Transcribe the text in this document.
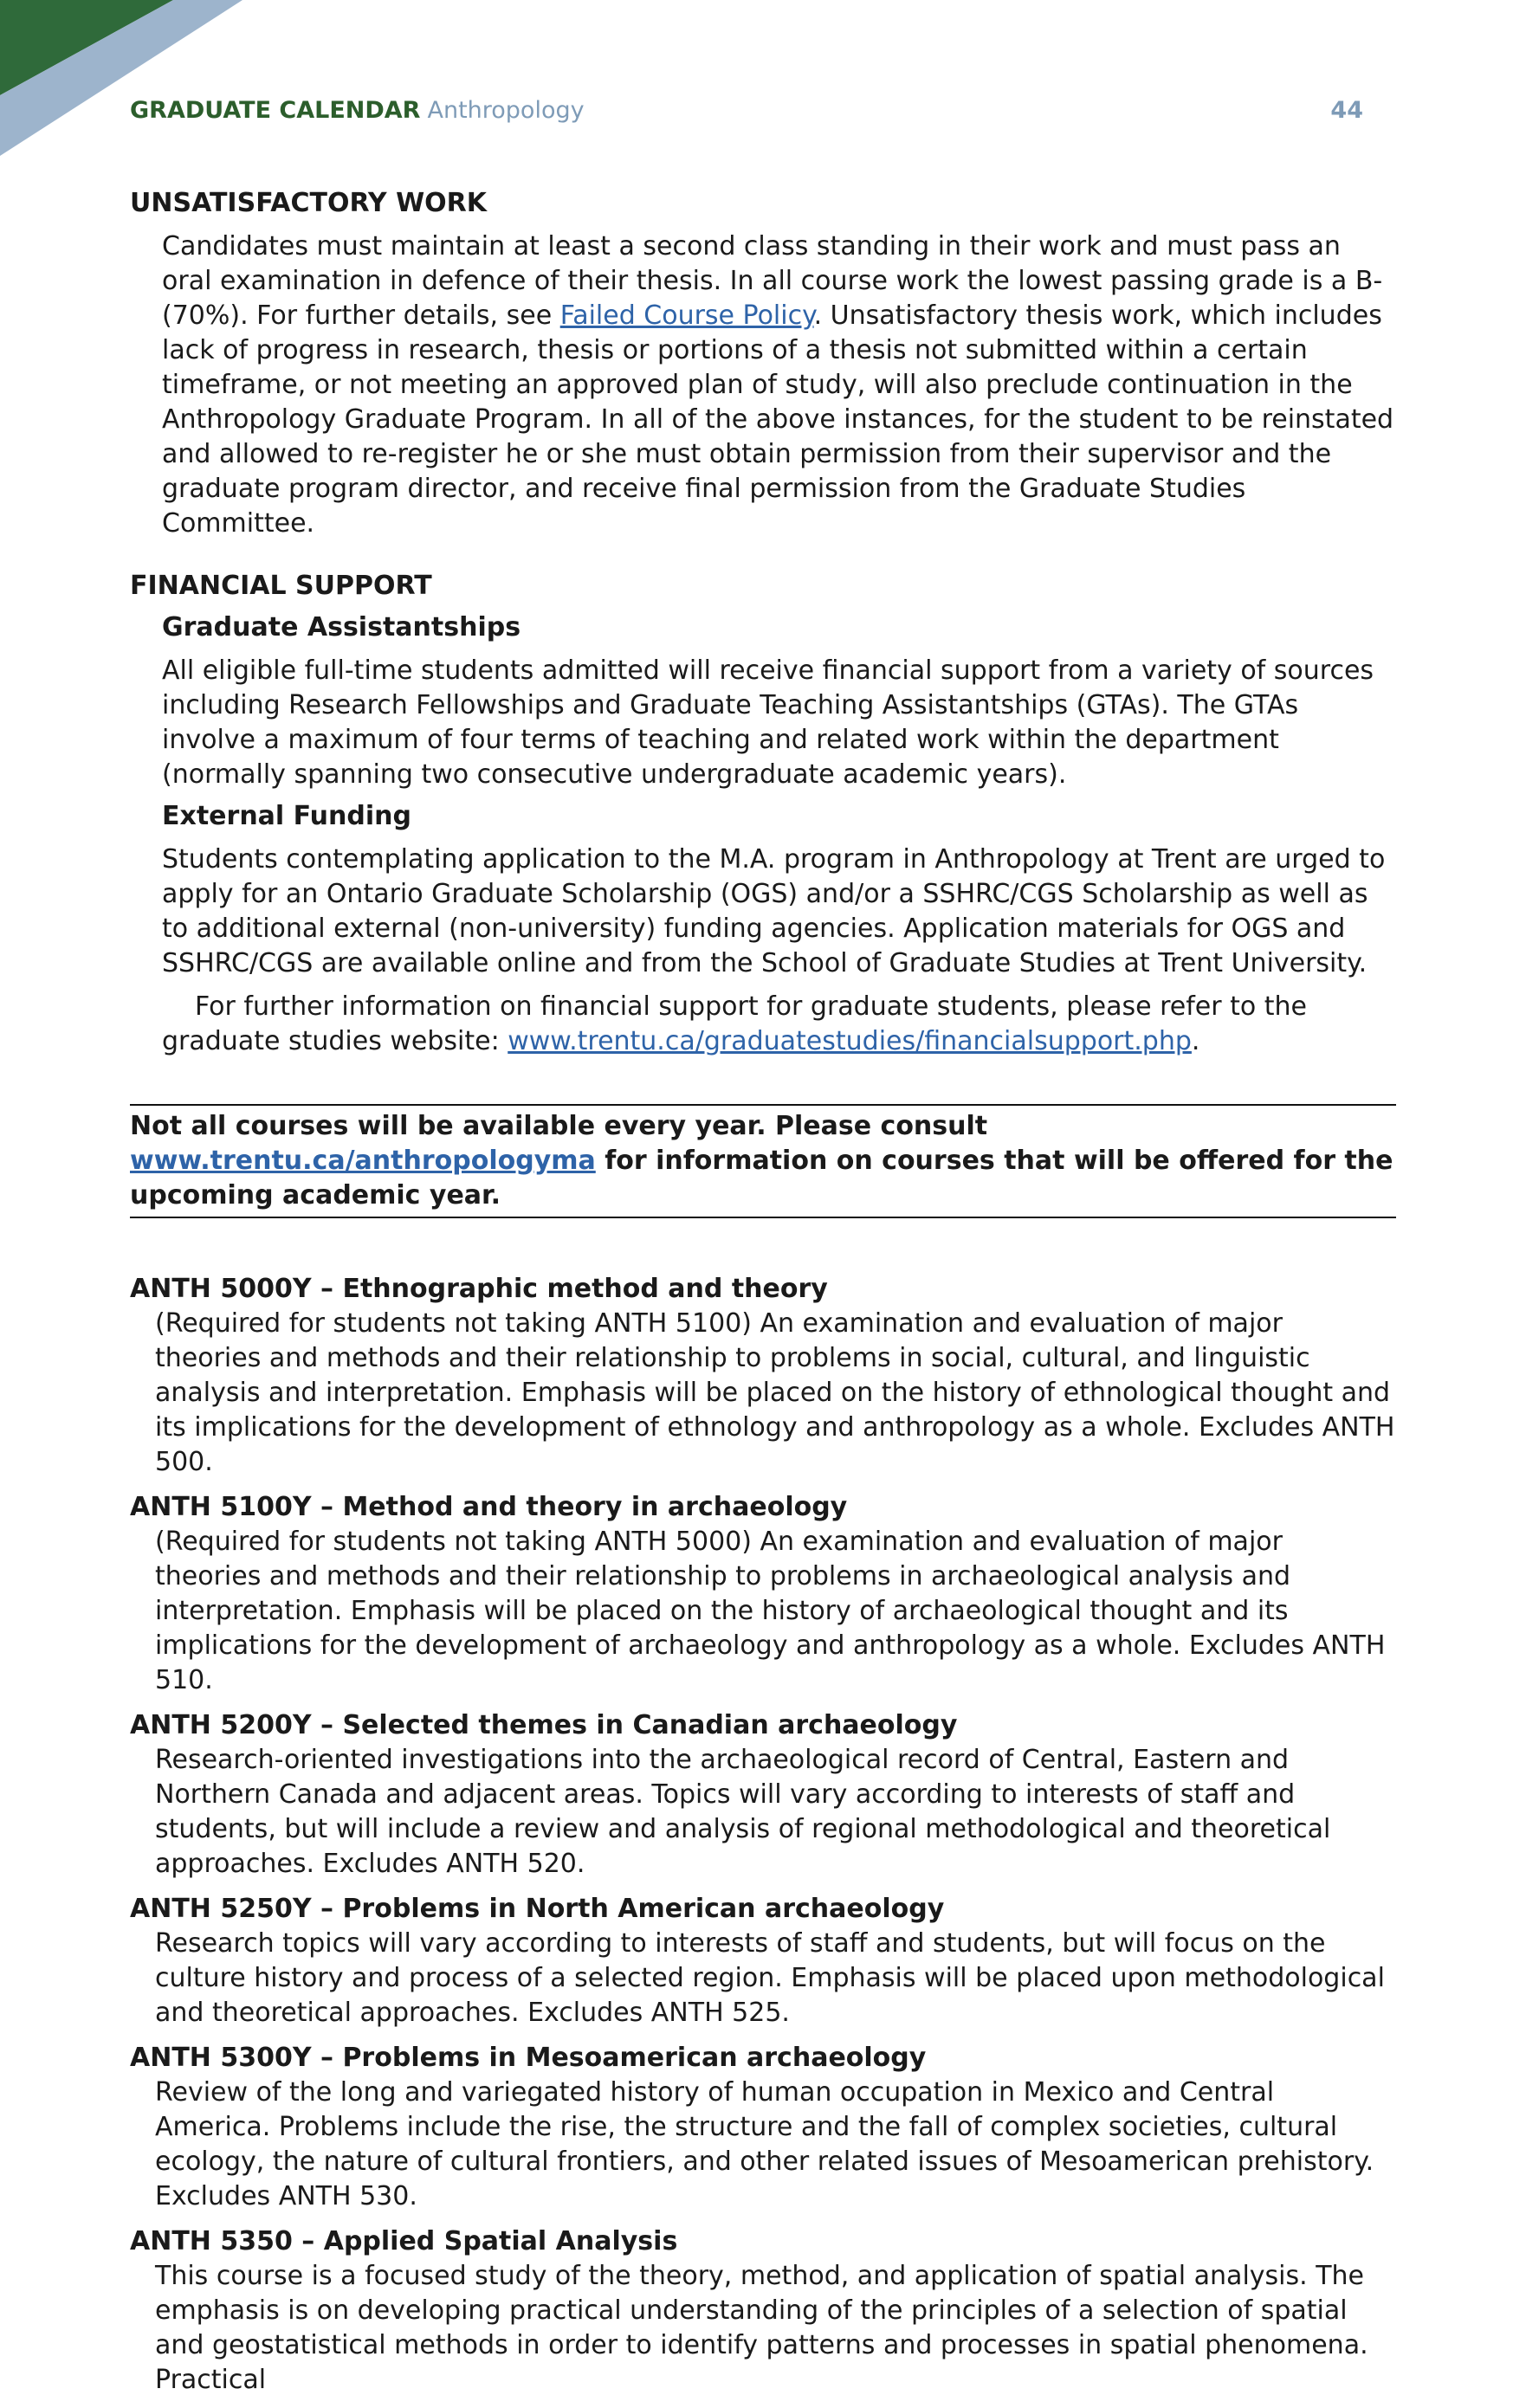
GRADUATE CALENDAR Anthropology	44
UNSATISFACTORY WORK

Candidates must maintain at least a second class standing in their work and must pass an oral examination in defence of their thesis. In all course work the lowest passing grade is a B- (70%). For further details, see Failed Course Policy. Unsatisfactory thesis work, which includes lack of progress in research, thesis or portions of a thesis not submitted within a certain timeframe, or not meeting an approved plan of study, will also preclude continuation in the Anthropology Graduate Program. In all of the above instances, for the student to be reinstated and allowed to re-register he or she must obtain permission from their supervisor and the graduate program director, and receive final permission from the Graduate Studies Committee.

FINANCIAL SUPPORT
Graduate Assistantships

All eligible full-time students admitted will receive financial support from a variety of sources including Research Fellowships and Graduate Teaching Assistantships (GTAs). The GTAs involve a maximum of four terms of teaching and related work within the department (normally spanning two consecutive undergraduate academic years).

External Funding

Students contemplating application to the M.A. program in Anthropology at Trent are urged to apply for an Ontario Graduate Scholarship (OGS) and/or a SSHRC/CGS Scholarship as well as to additional external (non-university) funding agencies. Application materials for OGS and SSHRC/CGS are available online and from the School of Graduate Studies at Trent University.

For further information on financial support for graduate students, please refer to the graduate studies website: www.trentu.ca/graduatestudies/financialsupport.php.

Not all courses will be available every year. Please consult www.trentu.ca/anthropologyma for information on courses that will be offered for the upcoming academic year.
ANTH 5000Y – Ethnographic method and theory
(Required for students not taking ANTH 5100) An examination and evaluation of major theories and methods and their relationship to problems in social, cultural, and linguistic analysis and interpretation. Emphasis will be placed on the history of ethnological thought and its implications for the development of ethnology and anthropology as a whole. Excludes ANTH 500.
ANTH 5100Y – Method and theory in archaeology
(Required for students not taking ANTH 5000) An examination and evaluation of major theories and methods and their relationship to problems in archaeological analysis and interpretation. Emphasis will be placed on the history of archaeological thought and its implications for the development of archaeology and anthropology as a whole. Excludes ANTH 510.
ANTH 5200Y – Selected themes in Canadian archaeology
Research-oriented investigations into the archaeological record of Central, Eastern and Northern Canada and adjacent areas. Topics will vary according to interests of staff and students, but will include a review and analysis of regional methodological and theoretical approaches. Excludes ANTH 520.
ANTH 5250Y – Problems in North American archaeology
Research topics will vary according to interests of staff and students, but will focus on the culture history and process of a selected region. Emphasis will be placed upon methodological and theoretical approaches. Excludes ANTH 525.
ANTH 5300Y – Problems in Mesoamerican archaeology
Review of the long and variegated history of human occupation in Mexico and Central America. Problems include the rise, the structure and the fall of complex societies, cultural ecology, the nature of cultural frontiers, and other related issues of Mesoamerican prehistory. Excludes ANTH 530.
ANTH 5350 – Applied Spatial Analysis
This course is a focused study of the theory, method, and application of spatial analysis. The emphasis is on developing practical understanding of the principles of a selection of spatial and geostatistical methods in order to identify patterns and processes in spatial phenomena. Practical
